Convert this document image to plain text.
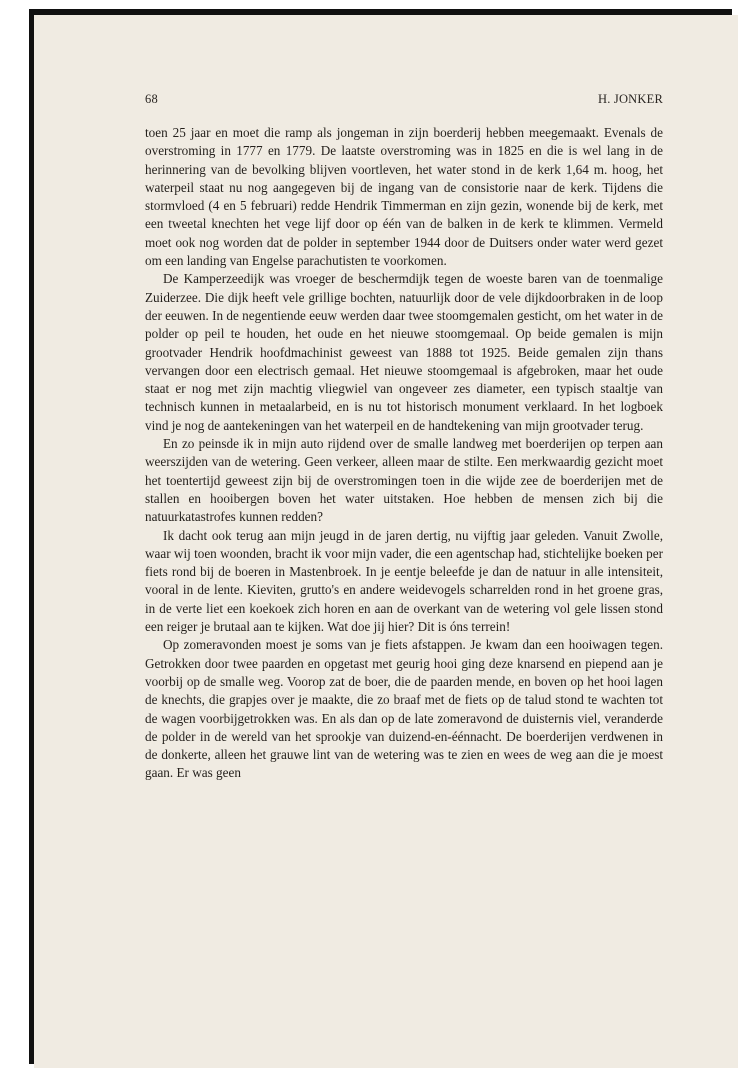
68	H. JONKER

toen 25 jaar en moet die ramp als jongeman in zijn boerderij hebben meegemaakt. Evenals de overstroming in 1777 en 1779. De laatste overstroming was in 1825 en die is wel lang in de herinnering van de bevolking blijven voortleven, het water stond in de kerk 1,64 m. hoog, het waterpeil staat nu nog aangegeven bij de ingang van de consistorie naar de kerk. Tijdens die stormvloed (4 en 5 februari) redde Hendrik Timmerman en zijn gezin, wonende bij de kerk, met een tweetal knechten het vege lijf door op één van de balken in de kerk te klimmen. Vermeld moet ook nog worden dat de polder in september 1944 door de Duitsers onder water werd gezet om een landing van Engelse parachutisten te voorkomen.

De Kamperzeedijk was vroeger de beschermdijk tegen de woeste baren van de toenmalige Zuiderzee. Die dijk heeft vele grillige bochten, natuurlijk door de vele dijkdoorbraken in de loop der eeuwen. In de negentiende eeuw werden daar twee stoomgemalen gesticht, om het water in de polder op peil te houden, het oude en het nieuwe stoomgemaal. Op beide gemalen is mijn grootvader Hendrik hoofdmachinist geweest van 1888 tot 1925. Beide gemalen zijn thans vervangen door een electrisch gemaal. Het nieuwe stoomgemaal is afgebroken, maar het oude staat er nog met zijn machtig vliegwiel van ongeveer zes diameter, een typisch staaltje van technisch kunnen in metaalarbeid, en is nu tot historisch monument verklaard. In het logboek vind je nog de aantekeningen van het waterpeil en de handtekening van mijn grootvader terug.

En zo peinsde ik in mijn auto rijdend over de smalle landweg met boerderijen op terpen aan weerszijden van de wetering. Geen verkeer, alleen maar de stilte. Een merkwaardig gezicht moet het toentertijd geweest zijn bij de overstromingen toen in die wijde zee de boerderijen met de stallen en hooibergen boven het water uitstaken. Hoe hebben de mensen zich bij die natuurkatastrofes kunnen redden?

Ik dacht ook terug aan mijn jeugd in de jaren dertig, nu vijftig jaar geleden. Vanuit Zwolle, waar wij toen woonden, bracht ik voor mijn vader, die een agentschap had, stichtelijke boeken per fiets rond bij de boeren in Mastenbroek. In je eentje beleefde je dan de natuur in alle intensiteit, vooral in de lente. Kieviten, grutto's en andere weidevogels scharrelden rond in het groene gras, in de verte liet een koekoek zich horen en aan de overkant van de wetering vol gele lissen stond een reiger je brutaal aan te kijken. Wat doe jij hier? Dit is óns terrein!

Op zomeravonden moest je soms van je fiets afstappen. Je kwam dan een hooiwagen tegen. Getrokken door twee paarden en opgetast met geurig hooi ging deze knarsend en piepend aan je voorbij op de smalle weg. Voorop zat de boer, die de paarden mende, en boven op het hooi lagen de knechts, die grapjes over je maakte, die zo braaf met de fiets op de talud stond te wachten tot de wagen voorbijgetrokken was. En als dan op de late zomeravond de duisternis viel, veranderde de polder in de wereld van het sprookje van duizend-en-éénnacht. De boerderijen verdwenen in de donkerte, alleen het grauwe lint van de wetering was te zien en wees de weg aan die je moest gaan. Er was geen
